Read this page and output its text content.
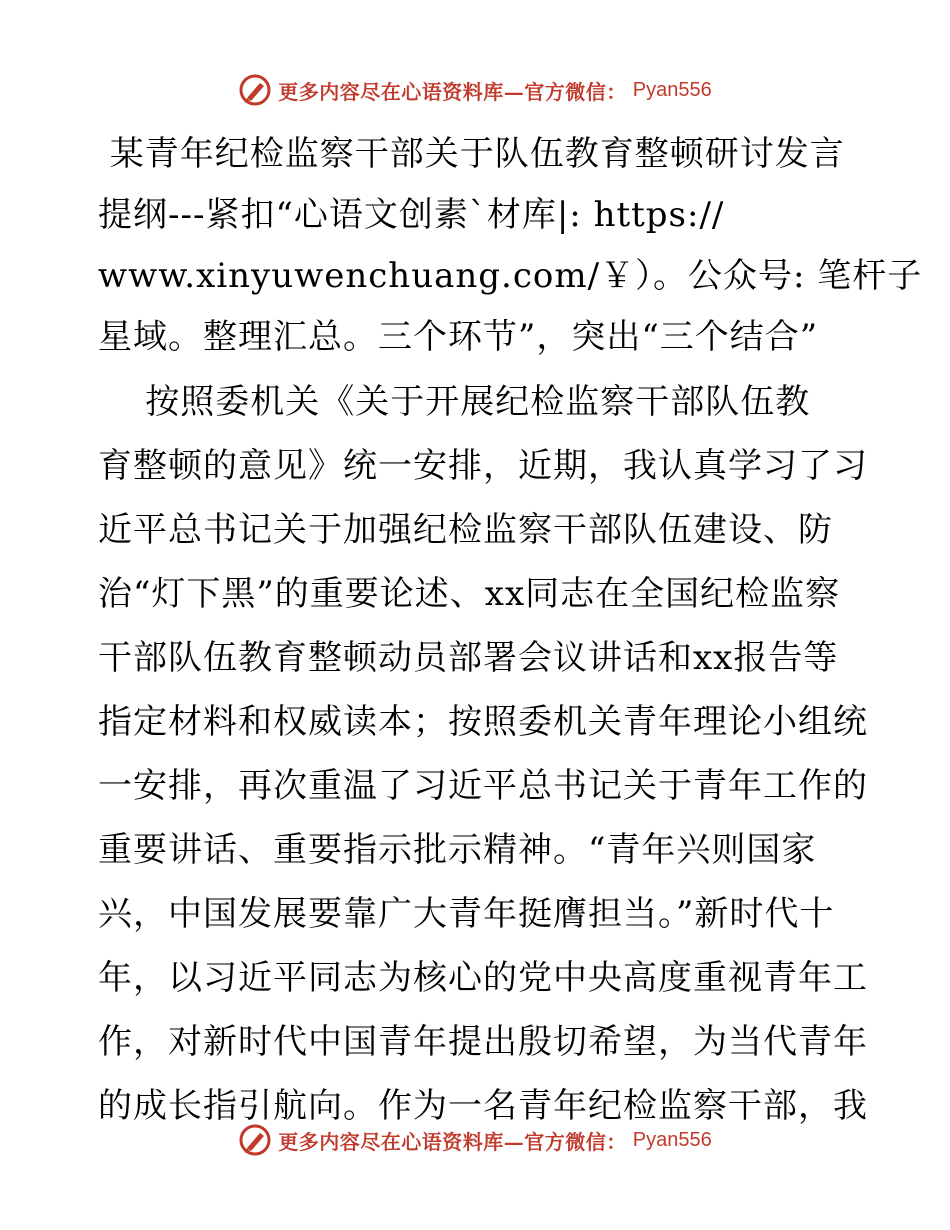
更多内容尽在心语资料库—官方微信： Pyan556
某青年纪检监察干部关于队伍教育整顿研讨发言
提纲---紧扣“心语文创素`材库|: https://
www.xinyuwenchuang.com/￥）。公众号: 笔杆子
星域。整理汇总。三个环节”，突出“三个结合”
按照委机关《关于开展纪检监察干部队伍教
育整顿的意见》统一安排，近期，我认真学习了习
近平总书记关于加强纪检监察干部队伍建设、防
治“灯下黑”的重要论述、xx同志在全国纪检监察
干部队伍教育整顿动员部署会议讲话和xx报告等
指定材料和权威读本；按照委机关青年理论小组统
一安排，再次重温了习近平总书记关于青年工作的
重要讲话、重要指示批示精神。“青年兴则国家
兴，中国发展要靠广大青年挺膺担当。”新时代十
年，以习近平同志为核心的党中央高度重视青年工
作，对新时代中国青年提出殷切希望，为当代青年
的成长指引航向。作为一名青年纪检监察干部，我
更多内容尽在心语资料库—官方微信： Pyan556
